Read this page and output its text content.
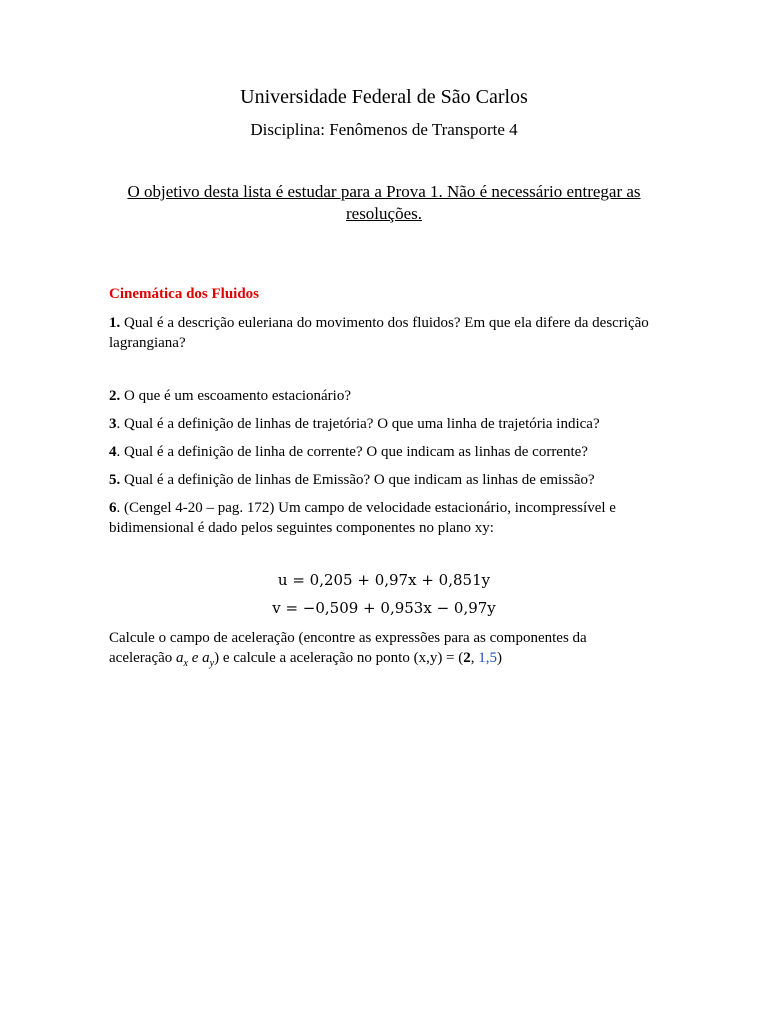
Universidade Federal de São Carlos
Disciplina: Fenômenos de Transporte 4
O objetivo desta lista é estudar para a Prova 1. Não é necessário entregar as resoluções.
Cinemática dos Fluidos
1. Qual é a descrição euleriana do movimento dos fluidos? Em que ela difere da descrição lagrangiana?
2. O que é um escoamento estacionário?
3. Qual é a definição de linhas de trajetória? O que uma linha de trajetória indica?
4. Qual é a definição de linha de corrente? O que indicam as linhas de corrente?
5. Qual é a definição de linhas de Emissão? O que indicam as linhas de emissão?
6. (Cengel 4-20 – pag. 172) Um campo de velocidade estacionário, incompressível e bidimensional é dado pelos seguintes componentes no plano xy:
u = 0,205 + 0,97x + 0,851y
v = −0,509 + 0,953x − 0,97y
Calcule o campo de aceleração (encontre as expressões para as componentes da
aceleração $a_x$ e $a_y$) e calcule a aceleração no ponto (x,y) = (2, 1,5)
